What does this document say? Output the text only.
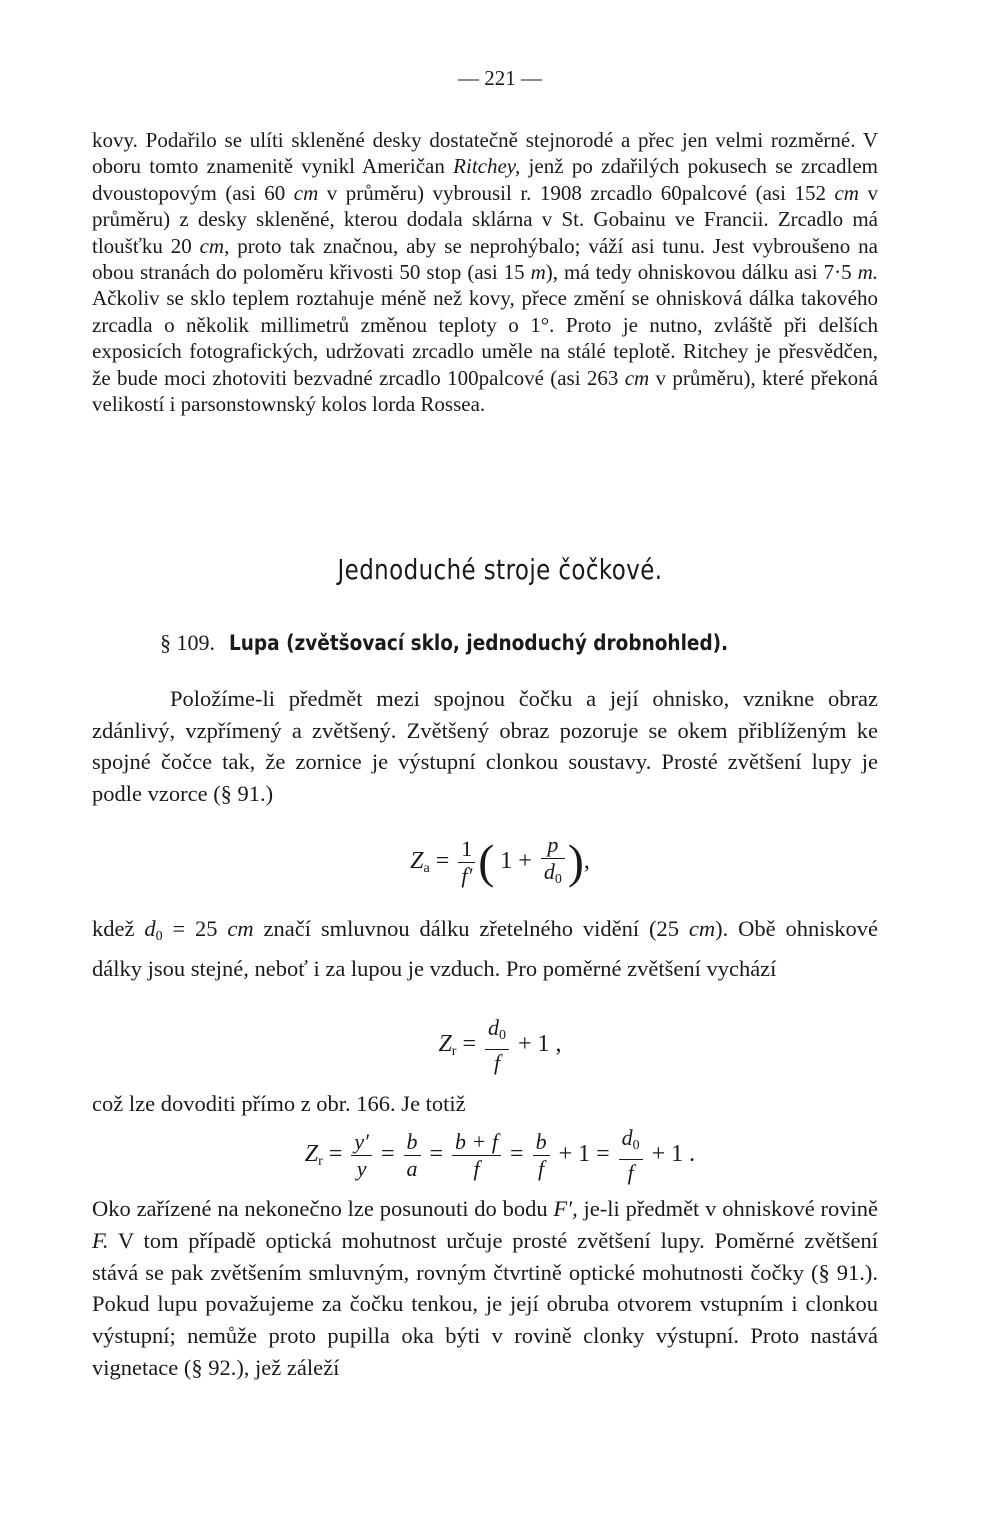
— 221 —

kovy. Podařilo se ulíti skleněné desky dostatečně stejnorodé a přec jen velmi rozměrné. V oboru tomto znamenitě vynikl Američan Ritchey, jenž po zdařilých pokusech se zrcadlem dvoustopovým (asi 60 cm v průměru) vybrousil r. 1908 zrcadlo 60palcové (asi 152 cm v průměru) z desky skleněné, kterou dodala sklárna v St. Gobainu ve Francii. Zrcadlo má tloušťku 20 cm, proto tak značnou, aby se neprohýbalo; váží asi tunu. Jest vybroušeno na obou stranách do poloměru křivosti 50 stop (asi 15 m), má tedy ohniskovou dálku asi 7·5 m. Ačkoliv se sklo teplem roztahuje méně než kovy, přece změní se ohnisková dálka takového zrcadla o několik millimetrů změnou teploty o 1°. Proto je nutno, zvláště při delších exposicích fotografických, udržovati zrcadlo uměle na stálé teplotě. Ritchey je přesvědčen, že bude moci zhotoviti bezvadné zrcadlo 100palcové (asi 263 cm v průměru), které překoná velikostí i parsonstownský kolos lorda Rossea.

Jednoduché stroje čočkové.
§ 109. Lupa (zvětšovací sklo, jednoduchý drobnohled).

Položíme-li předmět mezi spojnou čočku a její ohnisko, vznikne obraz zdánlivý, vzpřímený a zvětšený. Zvětšený obraz pozoruje se okem přiblíženým ke spojné čočce tak, že zornice je výstupní clonkou soustavy. Prosté zvětšení lupy je podle vzorce (§ 91.)

$Z_a = \frac{1}{f'}$ ( $1 + \frac{p}{d_0}$ ),

kdež $d_0 = 25$ cm značí smluvnou dálku zřetelného vidění (25 cm). Obě ohniskové dálky jsou stejné, neboť i za lupou je vzduch. Pro poměrné zvětšení vychází

$Z_r = \frac{d_0}{f} + 1$ ,

což lze dovoditi přímo z obr. 166. Je totiž

$Z_r = \frac{y'}{y} = \frac{b}{a} = \frac{b + f}{f} = \frac{b}{f} + 1 = \frac{d_0}{f} + 1$ .

Oko zařízené na nekonečno lze posunouti do bodu F′, je-li předmět v ohniskové rovině F. V tom případě optická mohutnost určuje prosté zvětšení lupy. Poměrné zvětšení stává se pak zvětšením smluvným, rovným čtvrtině optické mohutnosti čočky (§ 91.). Pokud lupu považujeme za čočku tenkou, je její obruba otvorem vstupním i clonkou výstupní; nemůže proto pupilla oka býti v rovině clonky výstupní. Proto nastává vignetace (§ 92.), jež záleží
